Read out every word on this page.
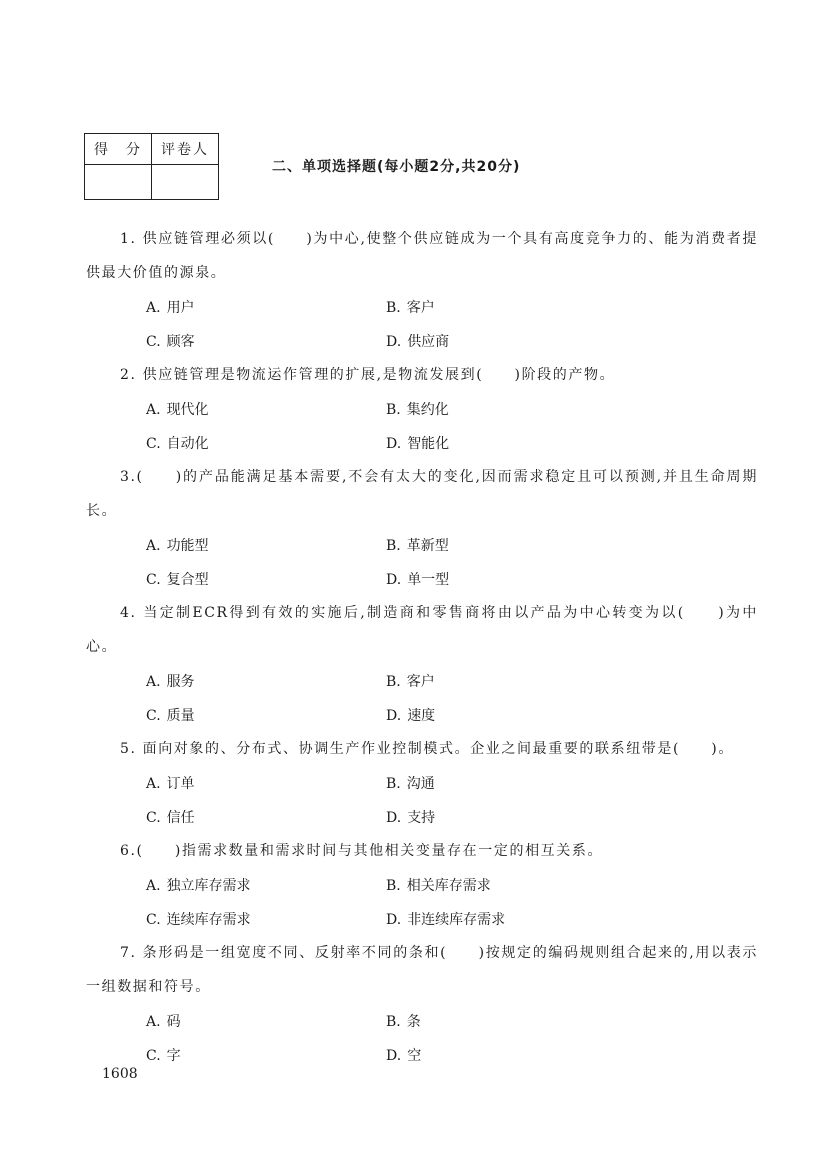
得　分	评卷人

二、单项选择题(每小题2分,共20分)

1. 供应链管理必须以(　　)为中心,使整个供应链成为一个具有高度竞争力的、能为消费者提供最大价值的源泉。

A. 用户	B. 客户
C. 顾客	D. 供应商

2. 供应链管理是物流运作管理的扩展,是物流发展到(　　)阶段的产物。

A. 现代化	B. 集约化
C. 自动化	D. 智能化

3.(　　)的产品能满足基本需要,不会有太大的变化,因而需求稳定且可以预测,并且生命周期长。

A. 功能型	B. 革新型
C. 复合型	D. 单一型

4. 当定制ECR得到有效的实施后,制造商和零售商将由以产品为中心转变为以(　　)为中心。

A. 服务	B. 客户
C. 质量	D. 速度

5. 面向对象的、分布式、协调生产作业控制模式。企业之间最重要的联系纽带是(　　)。

A. 订单	B. 沟通
C. 信任	D. 支持

6.(　　)指需求数量和需求时间与其他相关变量存在一定的相互关系。

A. 独立库存需求	B. 相关库存需求
C. 连续库存需求	D. 非连续库存需求

7. 条形码是一组宽度不同、反射率不同的条和(　　)按规定的编码规则组合起来的,用以表示一组数据和符号。

A. 码	B. 条
C. 字	D. 空
1608
